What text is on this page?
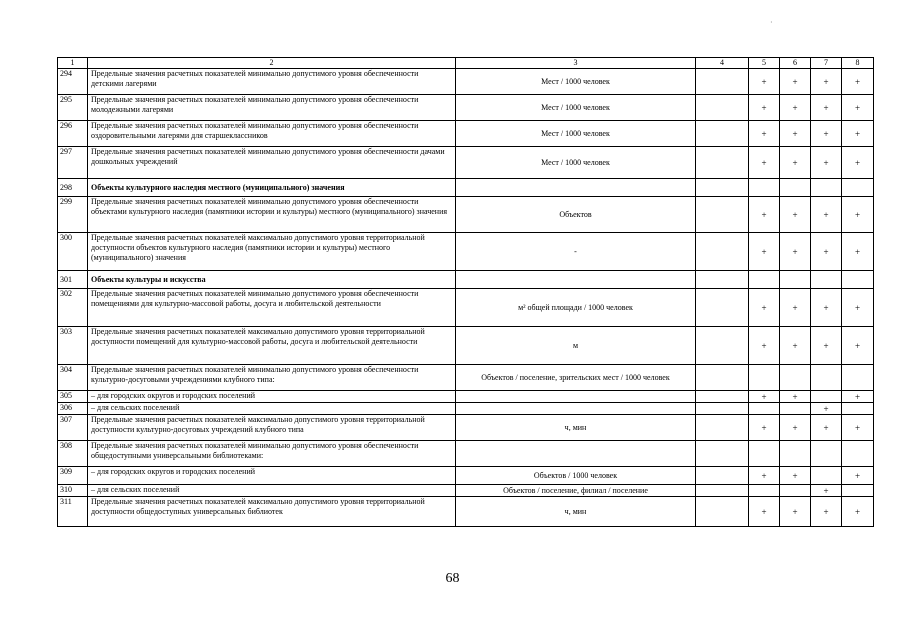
·
1	2	3	4	5	6	7	8
294	Предельные значения расчетных показателей минимально допустимого уровня обеспеченности детскими лагерями	Мест / 1000 человек		+	+	+	+
295	Предельные значения расчетных показателей минимально допустимого уровня обеспеченности молодежными лагерями	Мест / 1000 человек		+	+	+	+
296	Предельные значения расчетных показателей минимально допустимого уровня обеспеченности оздоровительными лагерями для старшеклассников	Мест / 1000 человек		+	+	+	+
297	Предельные значения расчетных показателей минимально допустимого уровня обеспеченности дачами дошкольных учреждений	Мест / 1000 человек		+	+	+	+
298	Объекты культурного наследия местного (муниципального) значения						
299	Предельные значения расчетных показателей минимально допустимого уровня обеспеченности объектами культурного наследия (памятники истории и культуры) местного (муниципального) значения	Объектов		+	+	+	+
300	Предельные значения расчетных показателей максимально допустимого уровня территориальной доступности объектов культурного наследия (памятники истории и культуры) местного (муниципального) значения	-		+	+	+	+
301	Объекты культуры и искусства						
302	Предельные значения расчетных показателей минимально допустимого уровня обеспеченности помещениями для культурно-массовой работы, досуга и любительской деятельности	м² общей площади / 1000 человек		+	+	+	+
303	Предельные значения расчетных показателей максимально допустимого уровня территориальной доступности помещений для культурно-массовой работы, досуга и любительской деятельности	м		+	+	+	+
304	Предельные значения расчетных показателей минимально допустимого уровня обеспеченности культурно-досуговыми учреждениями клубного типа:	Объектов / поселение, зрительских мест / 1000 человек					
305	– для городских округов и городских поселений			+	+		+
306	– для сельских поселений					+	
307	Предельные значения расчетных показателей максимально допустимого уровня территориальной доступности культурно-досуговых учреждений клубного типа	ч, мин		+	+	+	+
308	Предельные значения расчетных показателей минимально допустимого уровня обеспеченности общедоступными универсальными библиотеками:						
309	– для городских округов и городских поселений	Объектов / 1000 человек		+	+		+
310	– для сельских поселений	Объектов / поселение, филиал / поселение				+	
311	Предельные значения расчетных показателей максимально допустимого уровня территориальной доступности общедоступных универсальных библиотек	ч, мин		+	+	+	+
68
